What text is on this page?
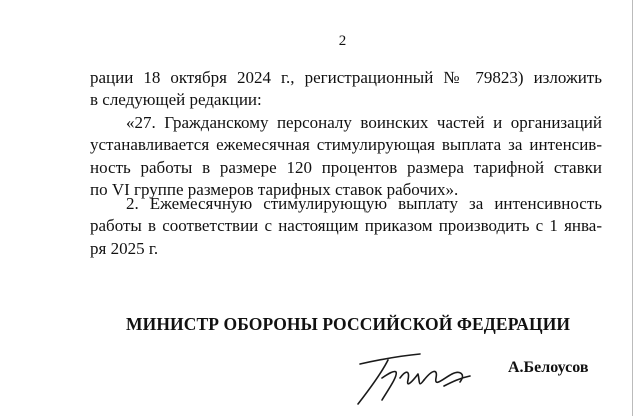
2
рации 18 октября 2024 г., регистрационный № 79823) изложить
в следующей редакции:
«27. Гражданскому персоналу воинских частей и организаций
устанавливается ежемесячная стимулирующая выплата за интенсив-
ность работы в размере 120 процентов размера тарифной ставки
по VI группе размеров тарифных ставок рабочих».
2. Ежемесячную стимулирующую выплату за интенсивность
работы в соответствии с настоящим приказом производить с 1 янва-
ря 2025 г.
МИНИСТР ОБОРОНЫ РОССИЙСКОЙ ФЕДЕРАЦИИ
А.Белоусов
